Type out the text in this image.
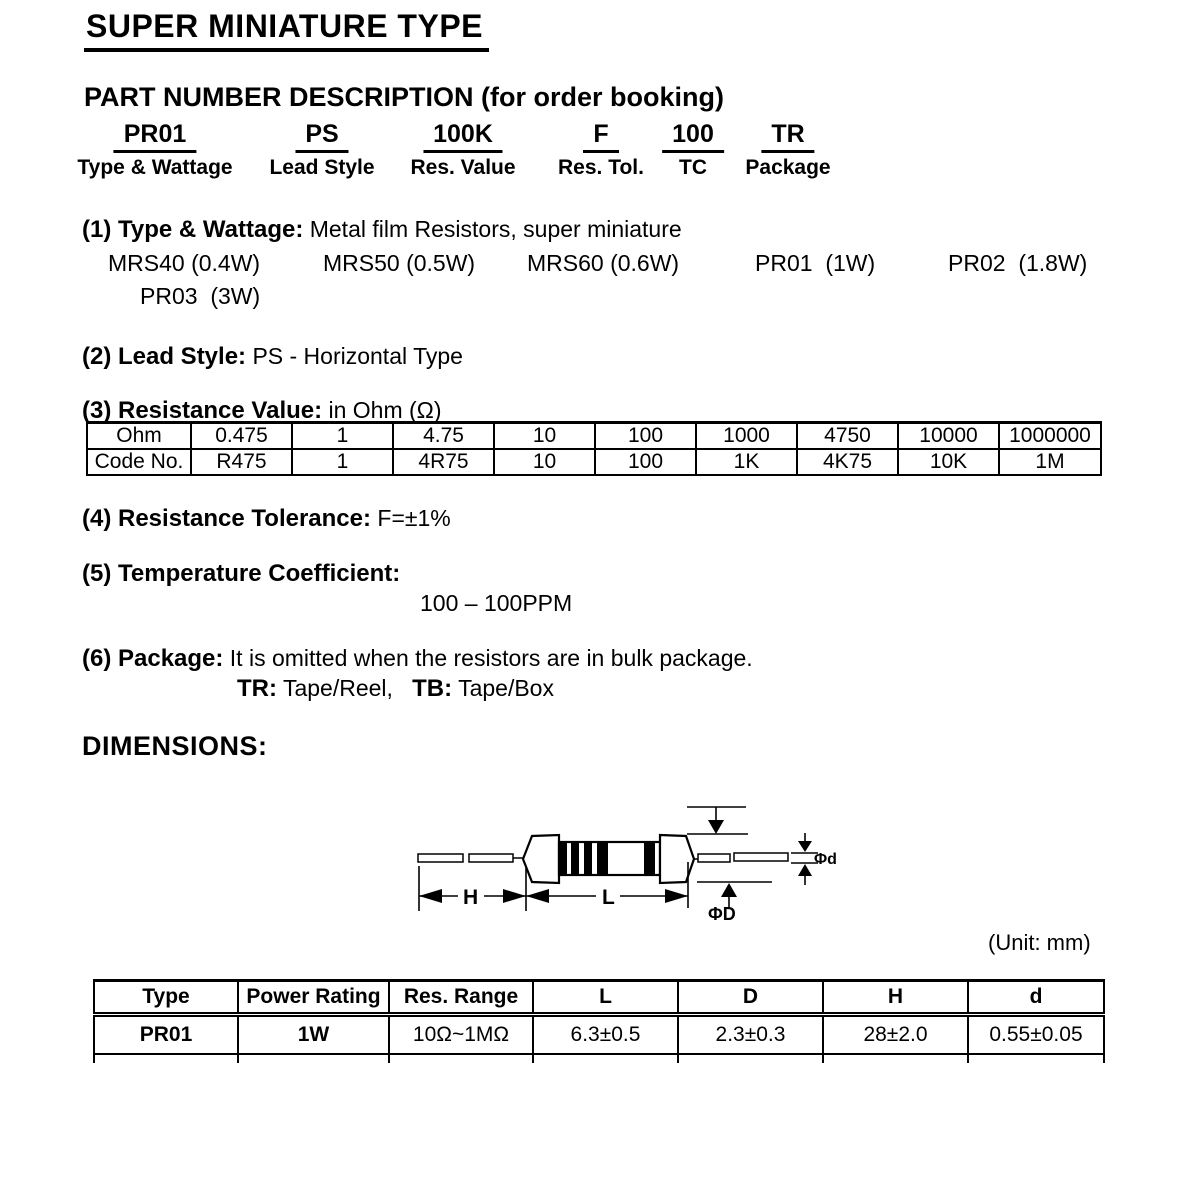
SUPER MINIATURE TYPE
PART NUMBER DESCRIPTION (for order booking)
PR01
Type & Wattage
PS
Lead Style
100K
Res. Value
F
Res. Tol.
100
TC
TR
Package
(1) Type & Wattage: Metal film Resistors, super miniature
MRS40 (0.4W)	MRS50 (0.5W) MRS60 (0.6W)	PR01  (1W)	PR02  (1.8W)
PR03  (3W)
(2) Lead Style: PS - Horizontal Type
(3) Resistance Value: in Ohm (Ω)
Ohm	0.475	1	4.75	10	100	1000	4750	10000	1000000
Code No.	R475	1	4R75	10	100	1K	4K75	10K	1M
(4) Resistance Tolerance: F=±1%
(5) Temperature Coefficient:
100 – 100PPM
(6) Package: It is omitted when the resistors are in bulk package.
TR: Tape/Reel, TB: Tape/Box
DIMENSIONS:
H	L
ΦD
Φd
(Unit: mm)
Type	Power Rating	Res. Range	L	D	H	d
PR01	1W	10Ω~1MΩ	6.3±0.5	2.3±0.3	28±2.0	0.55±0.05
